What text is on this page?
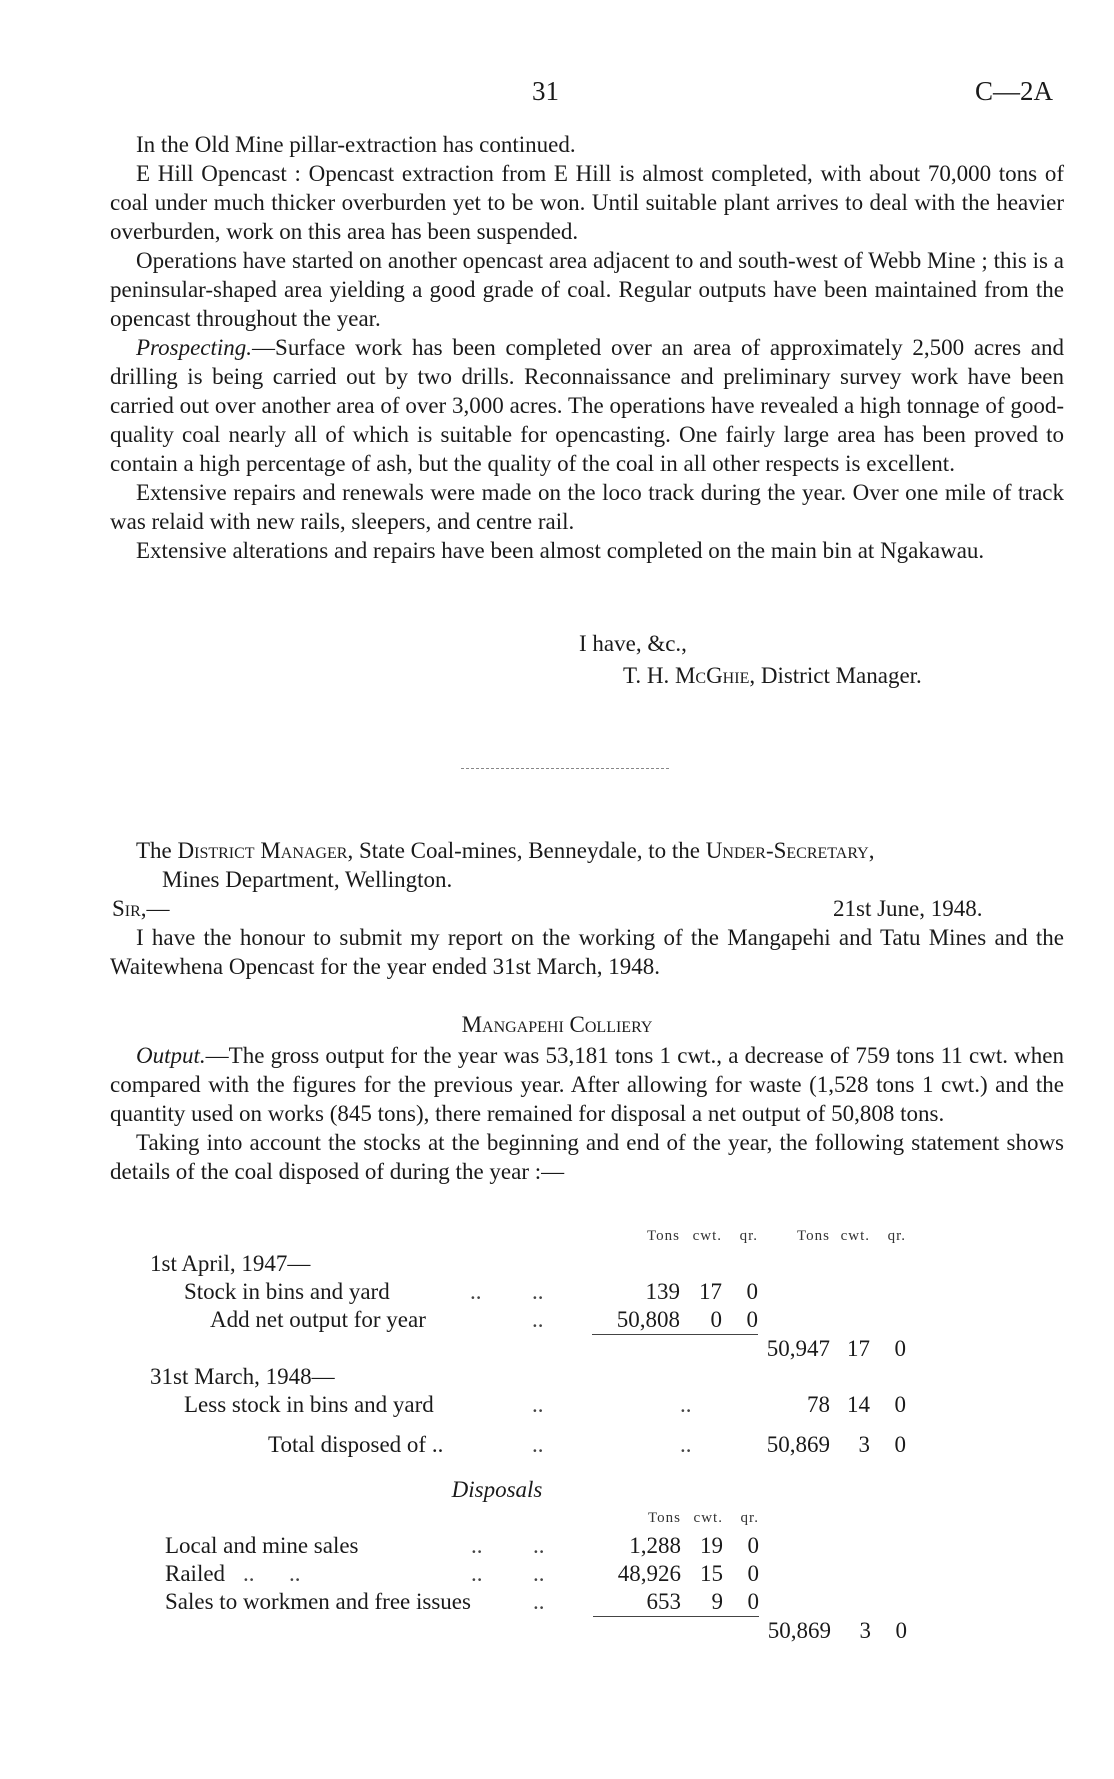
31	C—2A

In the Old Mine pillar-extraction has continued.

E Hill Opencast : Opencast extraction from E Hill is almost completed, with about 70,000 tons of coal under much thicker overburden yet to be won. Until suitable plant arrives to deal with the heavier overburden, work on this area has been suspended.

Operations have started on another opencast area adjacent to and south-west of Webb Mine ; this is a peninsular-shaped area yielding a good grade of coal. Regular outputs have been maintained from the opencast throughout the year.

Prospecting.—Surface work has been completed over an area of approximately 2,500 acres and drilling is being carried out by two drills. Reconnaissance and preliminary survey work have been carried out over another area of over 3,000 acres. The operations have revealed a high tonnage of good-quality coal nearly all of which is suitable for opencasting. One fairly large area has been proved to contain a high percentage of ash, but the quality of the coal in all other respects is excellent.

Extensive repairs and renewals were made on the loco track during the year. Over one mile of track was relaid with new rails, sleepers, and centre rail.

Extensive alterations and repairs have been almost completed on the main bin at Ngakawau.

I have, &c.,
T. H. McGhie, District Manager.

The District Manager, State Coal-mines, Benneydale, to the Under-Secretary,

Mines Department, Wellington.

Sir,—	21st June, 1948.

I have the honour to submit my report on the working of the Mangapehi and Tatu Mines and the Waitewhena Opencast for the year ended 31st March, 1948.

Mangapehi Colliery

Output.—The gross output for the year was 53,181 tons 1 cwt., a decrease of 759 tons 11 cwt. when compared with the figures for the previous year. After allowing for waste (1,528 tons 1 cwt.) and the quantity used on works (845 tons), there remained for disposal a net output of 50,808 tons.

Taking into account the stocks at the beginning and end of the year, the following statement shows details of the coal disposed of during the year :—

			Tons	cwt.	qr.	Tons	cwt.	qr.
1st April, 1947—								
Stock in bins and yard	..	..	139	17	0			
Add net output for year		..	50,808	0	0			
						50,947	17	0
31st March, 1948—								
Less stock in bins and yard		..		..		78	14	0

Total disposed of ..		..		..		50,869	3	0
Disposals
			Tons	cwt.	qr.			
Local and mine sales	..	..	1,288	19	0			
Railed ..      ..	..	..	48,926	15	0			
Sales to workmen and free issues		..	653	9	0			
						50,869	3	0
